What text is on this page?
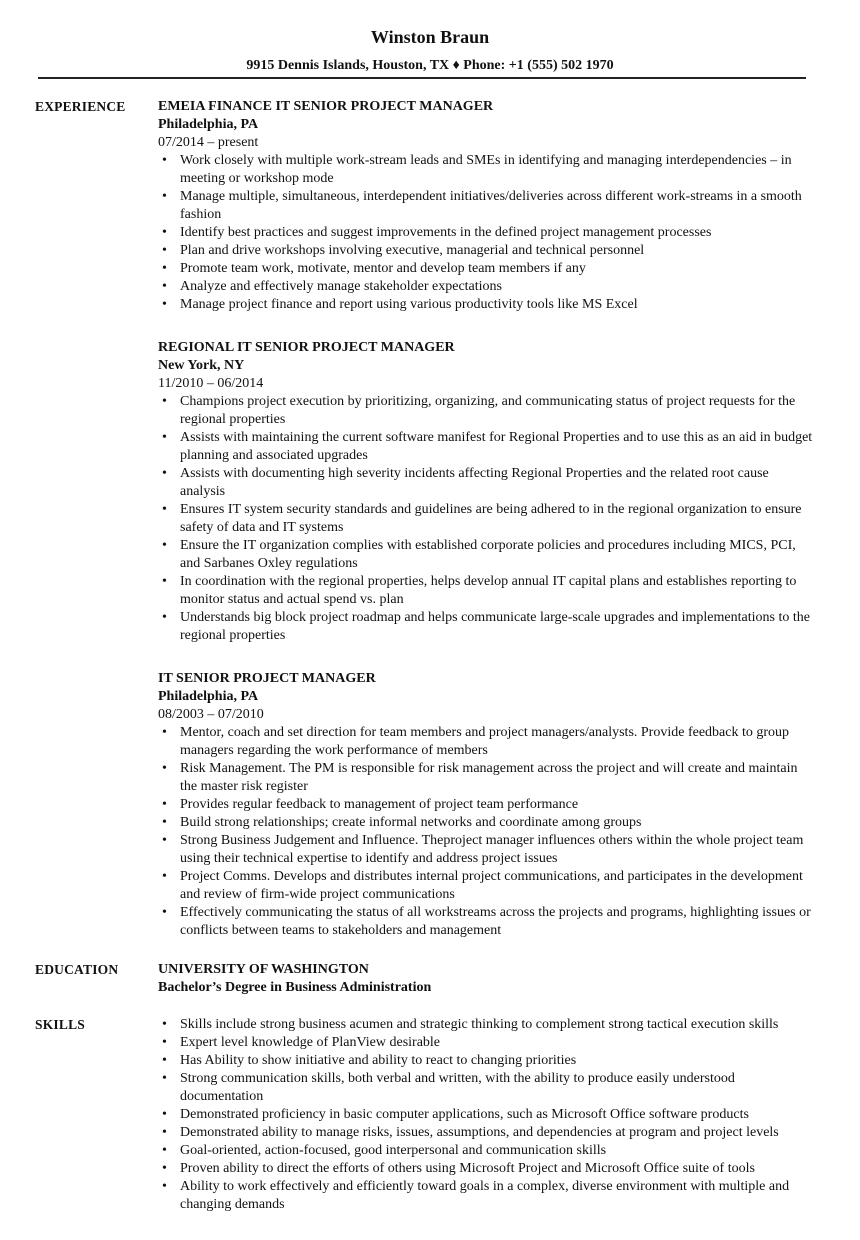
Winston Braun
9915 Dennis Islands, Houston, TX ♦ Phone: +1 (555) 502 1970
EXPERIENCE EMEIA FINANCE IT SENIOR PROJECT MANAGER
Philadelphia, PA
07/2014 – present
• Work closely with multiple work-stream leads and SMEs in identifying and managing interdependencies – in meeting or workshop mode
• Manage multiple, simultaneous, interdependent initiatives/deliveries across different work-streams in a smooth fashion
• Identify best practices and suggest improvements in the defined project management processes
• Plan and drive workshops involving executive, managerial and technical personnel
• Promote team work, motivate, mentor and develop team members if any
• Analyze and effectively manage stakeholder expectations
• Manage project finance and report using various productivity tools like MS Excel
REGIONAL IT SENIOR PROJECT MANAGER
New York, NY
11/2010 – 06/2014
• Champions project execution by prioritizing, organizing, and communicating status of project requests for the regional properties
• Assists with maintaining the current software manifest for Regional Properties and to use this as an aid in budget planning and associated upgrades
• Assists with documenting high severity incidents affecting Regional Properties and the related root cause analysis
• Ensures IT system security standards and guidelines are being adhered to in the regional organization to ensure safety of data and IT systems
• Ensure the IT organization complies with established corporate policies and procedures including MICS, PCI, and Sarbanes Oxley regulations
• In coordination with the regional properties, helps develop annual IT capital plans and establishes reporting to monitor status and actual spend vs. plan
• Understands big block project roadmap and helps communicate large-scale upgrades and implementations to the regional properties
IT SENIOR PROJECT MANAGER
Philadelphia, PA
08/2003 – 07/2010
• Mentor, coach and set direction for team members and project managers/analysts. Provide feedback to group managers regarding the work performance of members
• Risk Management. The PM is responsible for risk management across the project and will create and maintain the master risk register
• Provides regular feedback to management of project team performance
• Build strong relationships; create informal networks and coordinate among groups
• Strong Business Judgement and Influence. Theproject manager influences others within the whole project team using their technical expertise to identify and address project issues
• Project Comms. Develops and distributes internal project communications, and participates in the development and review of firm-wide project communications
• Effectively communicating the status of all workstreams across the projects and programs, highlighting issues or conflicts between teams to stakeholders and management
EDUCATION	UNIVERSITY OF WASHINGTON
Bachelor’s Degree in Business Administration
SKILLS
•	Skills include strong business acumen and strategic thinking to complement strong tactical execution skills
• Expert level knowledge of PlanView desirable
• Has Ability to show initiative and ability to react to changing priorities
• Strong communication skills, both verbal and written, with the ability to produce easily understood documentation
• Demonstrated proficiency in basic computer applications, such as Microsoft Office software products
• Demonstrated ability to manage risks, issues, assumptions, and dependencies at program and project levels
• Goal-oriented, action-focused, good interpersonal and communication skills
• Proven ability to direct the efforts of others using Microsoft Project and Microsoft Office suite of tools
• Ability to work effectively and efficiently toward goals in a complex, diverse environment with multiple and changing demands
